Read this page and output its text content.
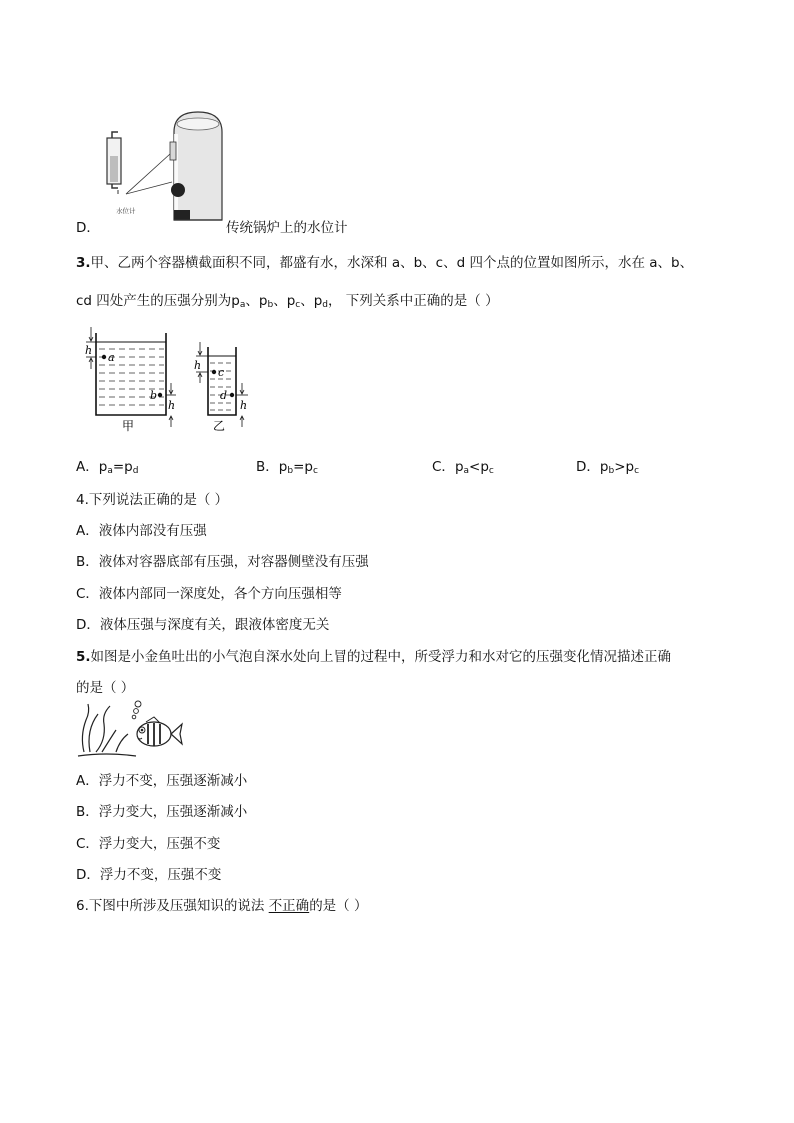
水位计
D．	传统锅炉上的水位计
3.甲、乙两个容器横截面积不同，都盛有水，水深和 a、b、c、d 四个点的位置如图所示，水在 a、b、
cd 四处产生的压强分别为$p_a$、$p_b$、$p_c$、$p_d$， 下列关系中正确的是（ ）
a
b
h
h
甲
c
d
h
h
乙
A．$p_a=p_d$	B．$p_b=p_c$	C．$p_a<p_c$	D．$p_b>p_c$
4.下列说法正确的是（ ）
A．液体内部没有压强
B．液体对容器底部有压强，对容器侧壁没有压强
C．液体内部同一深度处，各个方向压强相等
D．液体压强与深度有关，跟液体密度无关
5.如图是小金鱼吐出的小气泡自深水处向上冒的过程中，所受浮力和水对它的压强变化情况描述正确
的是（ ）
A．浮力不变，压强逐渐减小
B．浮力变大，压强逐渐减小
C．浮力变大，压强不变
D．浮力不变，压强不变
6.下图中所涉及压强知识的说法 不正确的是（ ）
